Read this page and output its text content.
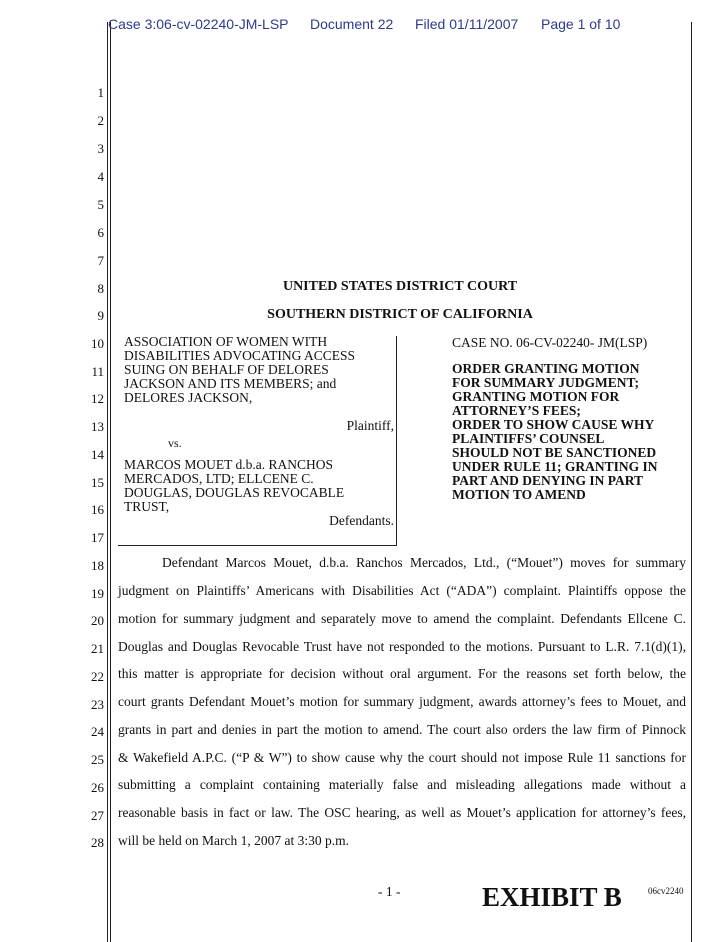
Case 3:06-cv-02240-JM-LSP Document 22 Filed 01/11/2007 Page 1 of 10
1
2
3
4
5
6
7
8
9
10
11
12
13
14
15
16
17
18
19
20
21
22
23
24
25
26
27
28
UNITED STATES DISTRICT COURT
SOUTHERN DISTRICT OF CALIFORNIA
ASSOCIATION OF WOMEN WITH
DISABILITIES ADVOCATING ACCESS
SUING ON BEHALF OF DELORES
JACKSON AND ITS MEMBERS; and
DELORES JACKSON,
Plaintiff,
vs.
MARCOS MOUET d.b.a. RANCHOS
MERCADOS, LTD; ELLCENE C.
DOUGLAS, DOUGLAS REVOCABLE
TRUST,
Defendants.
CASE NO. 06-CV-02240- JM(LSP)
ORDER GRANTING MOTION
FOR SUMMARY JUDGMENT;
GRANTING MOTION FOR
ATTORNEY’S FEES;
ORDER TO SHOW CAUSE WHY
PLAINTIFFS’ COUNSEL
SHOULD NOT BE SANCTIONED
UNDER RULE 11; GRANTING IN
PART AND DENYING IN PART
MOTION TO AMEND
Defendant Marcos Mouet, d.b.a. Ranchos Mercados, Ltd., (“Mouet”) moves for summary
judgment on Plaintiffs’ Americans with Disabilities Act (“ADA”) complaint. Plaintiffs oppose the
motion for summary judgment and separately move to amend the complaint. Defendants Ellcene C.
Douglas and Douglas Revocable Trust have not responded to the motions. Pursuant to L.R. 7.1(d)(1),
this matter is appropriate for decision without oral argument. For the reasons set forth below, the
court grants Defendant Mouet’s motion for summary judgment, awards attorney’s fees to Mouet, and
grants in part and denies in part the motion to amend. The court also orders the law firm of Pinnock
& Wakefield A.P.C. (“P & W”) to show cause why the court should not impose Rule 11 sanctions for
submitting a complaint containing materially false and misleading allegations made without a
reasonable basis in fact or law. The OSC hearing, as well as Mouet’s application for attorney’s fees,
will be held on March 1, 2007 at 3:30 p.m.
- 1 -	EXHIBIT B	06cv2240
